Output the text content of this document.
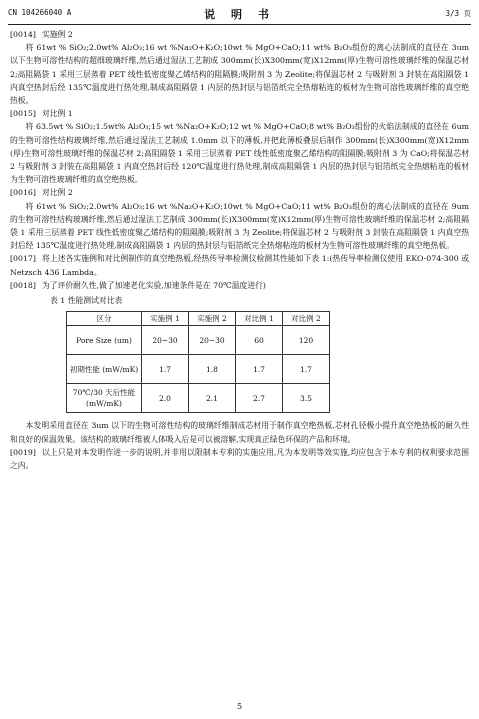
CN 104266040 A	说 明 书	3/3 页

[0014] 实施例 2

将 61wt % SiO₂;2.0wt% Al₂O₃;16 wt %Na₂O+K₂O;10wt % MgO+CaO;11 wt% B₂O₃组份的离心法制成的直径在 3um 以下生物可溶性结构的超细玻璃纤维,然后通过湿法工艺制成 300mm(长)X300mm(宽)X12mm(厚)生物可溶性玻璃纤维的保温芯材 2;高阻隔袋 1 采用三层蒸着 PET 线性低密度聚乙烯结构的阻隔膜;吸附剂 3 为 Zeolite;将保温芯材 2 与吸附剂 3 封装在高阻隔袋 1 内真空热封后经 135℃温度进行热处理,制成高阻隔袋 1 内层的热封层与铝箔纸完全热熔粘连的板材为生物可溶性玻璃纤维的真空绝热板。

[0015] 对比例 1

将 63.5wt % SiO₂;1.5wt% Al₂O₃;15 wt %Na₂O+K₂O;12 wt % MgO+CaO;8 wt% B₂O₃组份的火焰法制成的直径在 6um 的生物可溶性结构玻璃纤维,然后通过湿法工艺制成 1.0mm 以下的薄板,并把此薄板叠层后制作 300mm(长)X300mm(宽)X12mm(厚)生物可溶性玻璃纤维的保温芯材 2;高阻隔袋 1 采用三层蒸着 PET 线性低密度聚乙烯结构的阻隔膜;吸附剂 3 为 CaO;将保温芯材 2 与吸附剂 3 封装在高阻隔袋 1 内真空热封后经 120℃温度进行热处理,制成高阻隔袋 1 内层的热封层与铝箔纸完全热熔粘连的板材为生物可溶性玻璃纤维的真空绝热板。

[0016] 对比例 2

将 61wt % SiO₂;2.0wt% Al₂O₃;16 wt %Na₂O+K₂O;10wt % MgO+CaO;11 wt% B₂O₃组份的离心法制成的直径在 9um 的生物可溶性结构玻璃纤维,然后通过湿法工艺制成 300mm(长)X300mm(宽)X12mm(厚)生物可溶性玻璃纤维的保温芯材 2;高阻隔袋 1 采用三层蒸着 PET 线性低密度聚乙烯结构的阻隔膜;吸附剂 3 为 Zeolite;将保温芯材 2 与吸附剂 3 封装在高阻隔袋 1 内真空热封后经 135℃温度进行热处理,制成高阻隔袋 1 内层的热封层与铝箔纸完全热熔粘连的板材为生物可溶性玻璃纤维的真空绝热板。

[0017] 将上述各实施例和对比例制作的真空绝热板,经热传导率检测仪检测其性能如下表 1:(热传导率检测仪使用 EKO-074-300 或 Netzsch 436 Lambda。

[0018] 为了评价耐久性,做了加速老化实验,加速条件是在 70℃温度进行)

表 1 性能测试对比表

区分	实施例 1	实施例 2	对比例 1	对比例 2
Pore Size (um)	20~30	20~30	60	120
初期性能 (mW/mK)	1.7	1.8	1.7	1.7
70℃/30 天后性能 (mW/mK)	2.0	2.1	2.7	3.5

本发明采用直径在 3um 以下的生物可溶性结构的玻璃纤维制成芯材用于制作真空绝热板,芯材孔径极小提升真空绝热板的耐久性和良好的保温效果。该结构的玻璃纤维被人体吸入后是可以被溶解,实现真正绿色环保的产品和环境。

[0019] 以上只是对本发明作进一步的说明,并非用以限制本专利的实施应用,凡为本发明等效实施,均应包含于本专利的权利要求范围之内。

5
